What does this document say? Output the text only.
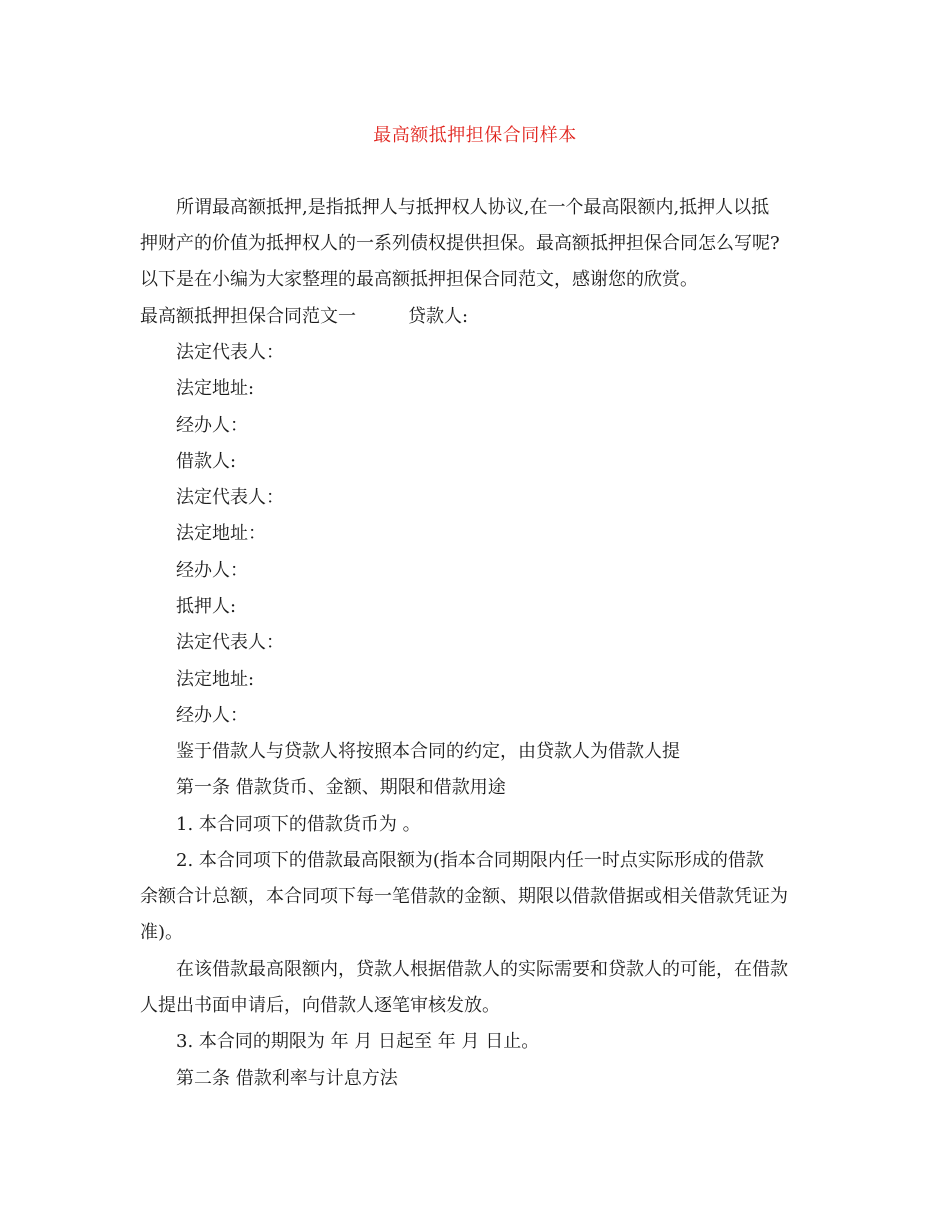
最高额抵押担保合同样本
所谓最高额抵押,是指抵押人与抵押权人协议,在一个最高限额内,抵押人以抵
押财产的价值为抵押权人的一系列债权提供担保。最高额抵押担保合同怎么写呢?
以下是在小编为大家整理的最高额抵押担保合同范文，感谢您的欣赏。
最高额抵押担保合同范文一	贷款人:
法定代表人：
法定地址:
经办人：
借款人:
法定代表人：
法定地址：
经办人：
抵押人:
法定代表人：
法定地址:
经办人：
鉴于借款人与贷款人将按照本合同的约定，由贷款人为借款人提
第一条 借款货币、金额、期限和借款用途
1. 本合同项下的借款货币为 。
2. 本合同项下的借款最高限额为(指本合同期限内任一时点实际形成的借款
余额合计总额，本合同项下每一笔借款的金额、期限以借款借据或相关借款凭证为
准)。
在该借款最高限额内，贷款人根据借款人的实际需要和贷款人的可能，在借款
人提出书面申请后，向借款人逐笔审核发放。
3. 本合同的期限为 年 月 日起至 年 月 日止。
第二条 借款利率与计息方法
